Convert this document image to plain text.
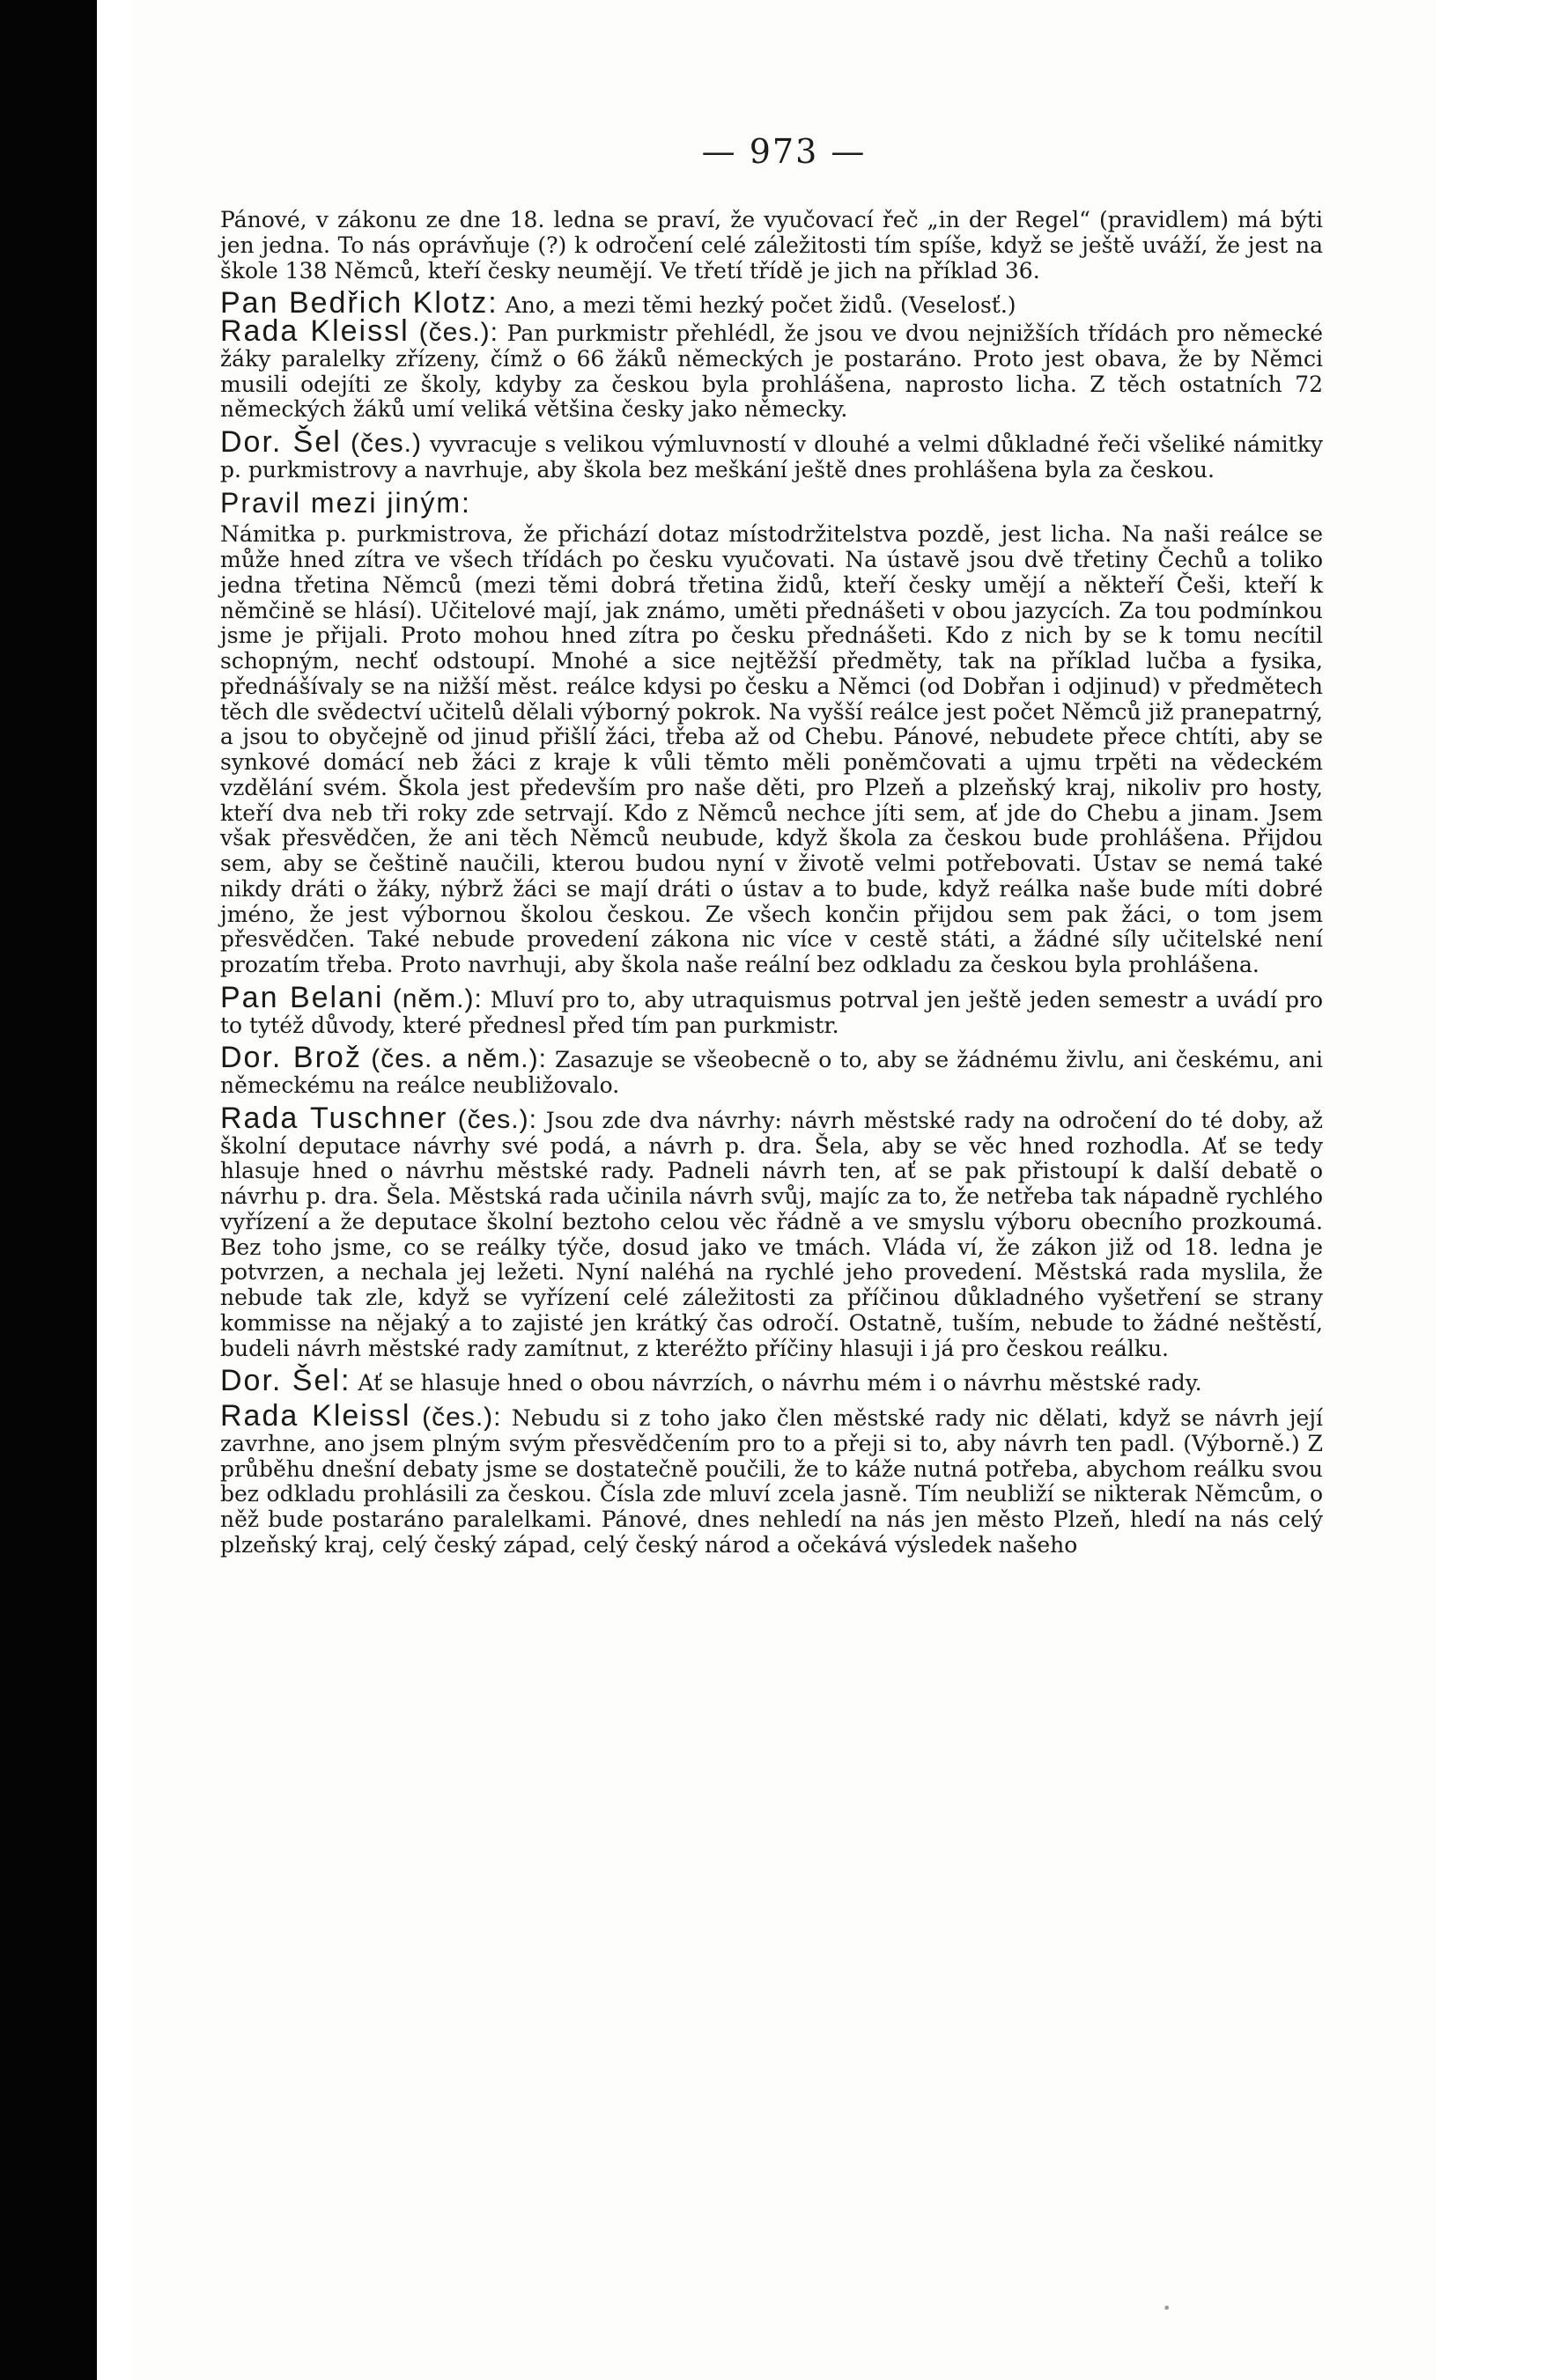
— 973 —

Pánové, v zákonu ze dne 18. ledna se praví, že vyučovací řeč „in der Regel“ (pravidlem) má býti jen jedna. To nás oprávňuje (?) k odročení celé záležitosti tím spíše, když se ještě uváží, že jest na škole 138 Němců, kteří česky neumějí. Ve třetí třídě je jich na příklad 36.

Pan Bedřich Klotz: Ano, a mezi těmi hezký počet židů. (Veselosť.)

Rada Kleissl (čes.): Pan purkmistr přehlédl, že jsou ve dvou nejnižších třídách pro německé žáky paralelky zřízeny, čímž o 66 žáků německých je postaráno. Proto jest obava, že by Němci musili odejíti ze školy, kdyby za českou byla prohlášena, naprosto licha. Z těch ostatních 72 německých žáků umí veliká většina česky jako německy.

Dor. Šel (čes.) vyvracuje s velikou výmluvností v dlouhé a velmi důkladné řeči všeliké námitky p. purkmistrovy a navrhuje, aby škola bez meškání ještě dnes prohlášena byla za českou.

Pravil mezi jiným:

Námitka p. purkmistrova, že přichází dotaz místodržitelstva pozdě, jest licha. Na naši reálce se může hned zítra ve všech třídách po česku vyučovati. Na ústavě jsou dvě třetiny Čechů a toliko jedna třetina Němců (mezi těmi dobrá třetina židů, kteří česky umějí a někteří Češi, kteří k němčině se hlásí). Učitelové mají, jak známo, uměti přednášeti v obou jazycích. Za tou podmínkou jsme je přijali. Proto mohou hned zítra po česku přednášeti. Kdo z nich by se k tomu necítil schopným, nechť odstoupí. Mnohé a sice nejtěžší předměty, tak na příklad lučba a fysika, přednášívaly se na nižší měst. reálce kdysi po česku a Němci (od Dobřan i odjinud) v předmětech těch dle svědectví učitelů dělali výborný pokrok. Na vyšší reálce jest počet Němců již pranepatrný, a jsou to obyčejně od jinud přišlí žáci, třeba až od Chebu. Pánové, nebudete přece chtíti, aby se synkové domácí neb žáci z kraje k vůli těmto měli poněmčovati a ujmu trpěti na vědeckém vzdělání svém. Škola jest především pro naše děti, pro Plzeň a plzeňský kraj, nikoliv pro hosty, kteří dva neb tři roky zde setrvají. Kdo z Němců nechce jíti sem, ať jde do Chebu a jinam. Jsem však přesvědčen, že ani těch Němců neubude, když škola za českou bude prohlášena. Přijdou sem, aby se češtině naučili, kterou budou nyní v životě velmi potřebovati. Ústav se nemá také nikdy dráti o žáky, nýbrž žáci se mají dráti o ústav a to bude, když reálka naše bude míti dobré jméno, že jest výbornou školou českou. Ze všech končin přijdou sem pak žáci, o tom jsem přesvědčen. Také nebude provedení zákona nic více v cestě státi, a žádné síly učitelské není prozatím třeba. Proto navrhuji, aby škola naše reální bez odkladu za českou byla prohlášena.

Pan Belani (něm.): Mluví pro to, aby utraquismus potrval jen ještě jeden semestr a uvádí pro to tytéž důvody, které přednesl před tím pan purkmistr.

Dor. Brož (čes. a něm.): Zasazuje se všeobecně o to, aby se žádnému živlu, ani českému, ani německému na reálce neubližovalo.

Rada Tuschner (čes.): Jsou zde dva návrhy: návrh městské rady na odročení do té doby, až školní deputace návrhy své podá, a návrh p. dra. Šela, aby se věc hned rozhodla. Ať se tedy hlasuje hned o návrhu městské rady. Padneli návrh ten, ať se pak přistoupí k další debatě o návrhu p. dra. Šela. Městská rada učinila návrh svůj, majíc za to, že netřeba tak nápadně rychlého vyřízení a že deputace školní beztoho celou věc řádně a ve smyslu výboru obecního prozkoumá. Bez toho jsme, co se reálky týče, dosud jako ve tmách. Vláda ví, že zákon již od 18. ledna je potvrzen, a nechala jej ležeti. Nyní naléhá na rychlé jeho provedení. Městská rada myslila, že nebude tak zle, když se vyřízení celé záležitosti za příčinou důkladného vyšetření se strany kommisse na nějaký a to zajisté jen krátký čas odročí. Ostatně, tuším, nebude to žádné neštěstí, budeli návrh městské rady zamítnut, z kteréžto příčiny hlasuji i já pro českou reálku.

Dor. Šel: Ať se hlasuje hned o obou návrzích, o návrhu mém i o návrhu městské rady.

Rada Kleissl (čes.): Nebudu si z toho jako člen městské rady nic dělati, když se návrh její zavrhne, ano jsem plným svým přesvědčením pro to a přeji si to, aby návrh ten padl. (Výborně.) Z průběhu dnešní debaty jsme se dostatečně poučili, že to káže nutná potřeba, abychom reálku svou bez odkladu prohlásili za českou. Čísla zde mluví zcela jasně. Tím neubliží se nikterak Němcům, o něž bude postaráno paralelkami. Pánové, dnes nehledí na nás jen město Plzeň, hledí na nás celý plzeňský kraj, celý český západ, celý český národ a očekává výsledek našeho

•
